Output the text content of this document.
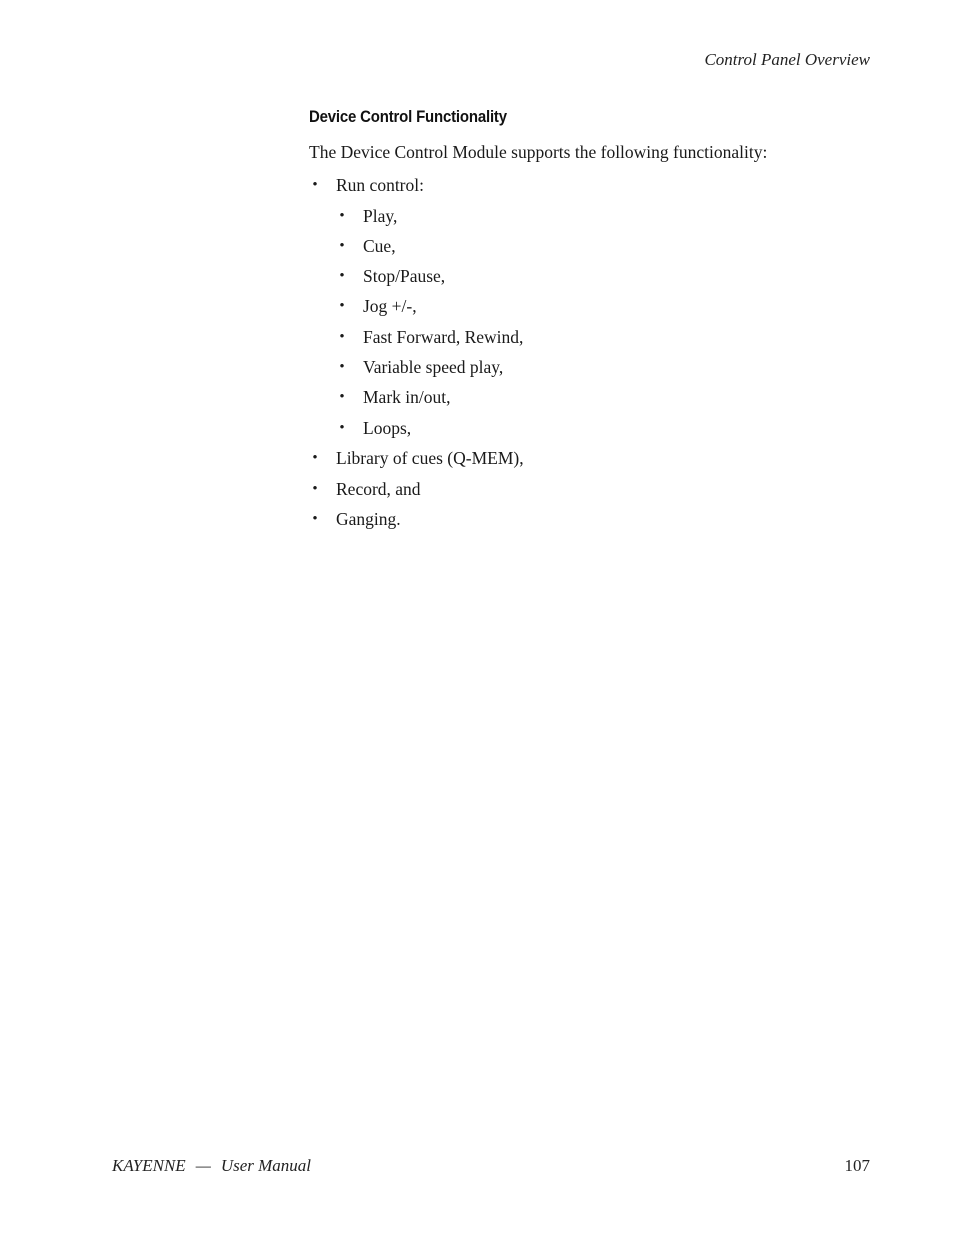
Control Panel Overview
Device Control Functionality

The Device Control Module supports the following functionality:

• Run control:
• Play,
• Cue,
• Stop/Pause,
• Jog +/-,
• Fast Forward, Rewind,
• Variable speed play,
• Mark in/out,
• Loops,
• Library of cues (Q-MEM),
• Record, and
• Ganging.
KAYENNE — User Manual	107
